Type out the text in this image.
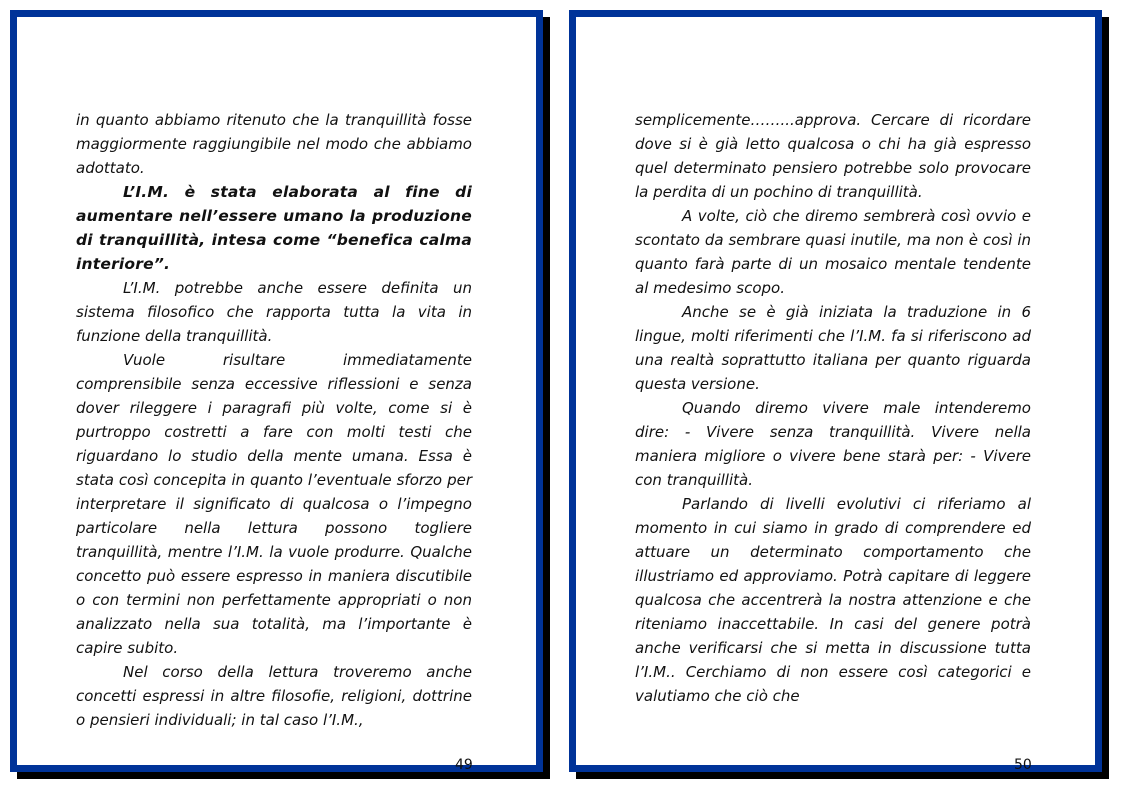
in quanto abbiamo ritenuto che la tranquillità fosse maggiormente raggiungibile nel modo che abbiamo adottato.

L’I.M. è stata elaborata al fine di aumentare nell’essere umano la produzione di tranquillità, intesa come “benefica calma interiore”.

L’I.M. potrebbe anche essere definita un sistema filosofico che rapporta tutta la vita in funzione della tranquillità.

Vuole risultare immediatamente comprensibile senza eccessive riflessioni e senza dover rileggere i paragrafi più volte, come si è purtroppo costretti a fare con molti testi che riguardano lo studio della mente umana. Essa è stata così concepita in quanto l’eventuale sforzo per interpretare il significato di qualcosa o l’impegno particolare nella lettura possono togliere tranquillità, mentre l’I.M. la vuole produrre. Qualche concetto può essere espresso in maniera discutibile o con termini non perfettamente appropriati o non analizzato nella sua totalità, ma l’importante è capire subito.

Nel corso della lettura troveremo anche concetti espressi in altre filosofie, religioni, dottrine o pensieri individuali; in tal caso l’I.M.,

49

semplicemente……...approva. Cercare di ricordare dove si è già letto qualcosa o chi ha già espresso quel determinato pensiero potrebbe solo provocare la perdita di un pochino di tranquillità.

A volte, ciò che diremo sembrerà così ovvio e scontato da sembrare quasi inutile, ma non è così in quanto farà parte di un mosaico mentale tendente al medesimo scopo.

Anche se è già iniziata la traduzione in 6 lingue, molti riferimenti che l’I.M. fa si riferiscono ad una realtà soprattutto italiana per quanto riguarda questa versione.

Quando diremo vivere male intenderemo dire: - Vivere senza tranquillità. Vivere nella maniera migliore o vivere bene starà per: - Vivere con tranquillità.

Parlando di livelli evolutivi ci riferiamo al momento in cui siamo in grado di comprendere ed attuare un determinato comportamento che illustriamo ed approviamo. Potrà capitare di leggere qualcosa che accentrerà la nostra attenzione e che riteniamo inaccettabile. In casi del genere potrà anche verificarsi che si metta in discussione tutta l’I.M.. Cerchiamo di non essere così categorici e valutiamo che ciò che

50
